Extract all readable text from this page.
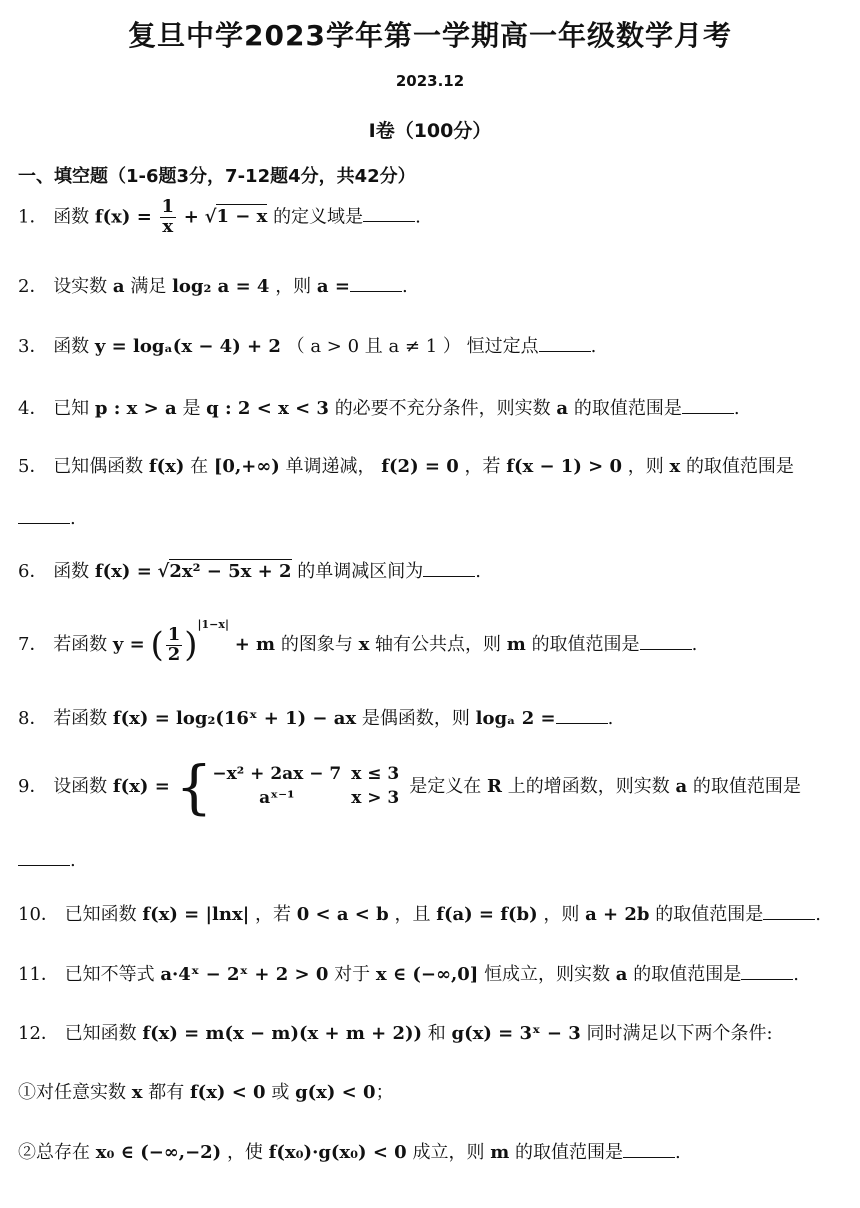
复旦中学2023学年第一学期高一年级数学月考
2023.12
I卷（100分）
一、填空题（1-6题3分，7-12题4分，共42分）
1． 函数 $f(x) = \frac{1}{x} + √1 - x$ 的定义域是	.
2． 设实数 a 满足 log₂ a = 4 ，则 a =	.
3． 函数 y = logₐ(x − 4) + 2 （ a > 0 且 a ≠ 1 ） 恒过定点	.
4． 已知 p : x > a 是 q : 2 < x < 3 的必要不充分条件，则实数 a 的取值范围是	.
5． 已知偶函数 f(x) 在 [0,+∞) 单调递减， f(2) = 0 ，若 f(x − 1) > 0 ，则 x 的取值范围是
.
6． 函数 f(x) = √2x² − 5x + 2 的单调减区间为	.
7． 若函数 y = ( $\frac{1}{2} )^{|1-x|} + m$ 的图象与 x 轴有公共点，则 m 的取值范围是	.
8． 若函数 f(x) = log₂(16ˣ + 1) − ax 是偶函数，则 logₐ 2 =	.
9． 设函数 f(x) = { −x² + 2ax − 7	x ≤ 3
aˣ⁻¹	x > 3
是定义在 R 上的增函数，则实数 a 的取值范围是
.
10． 已知函数 f(x) = |lnx| ，若 0 < a < b ，且 f(a) = f(b) ，则 a + 2b 的取值范围是	.
11． 已知不等式 a·4ˣ − 2ˣ + 2 > 0 对于 x ∈ (−∞,0] 恒成立，则实数 a 的取值范围是	.
12． 已知函数 f(x) = m(x − m)(x + m + 2)) 和 g(x) = 3ˣ − 3 同时满足以下两个条件:
①对任意实数 x 都有 f(x) < 0 或 g(x) < 0；
②总存在 x₀ ∈ (−∞,−2) ，使 f(x₀)·g(x₀) < 0 成立，则 m 的取值范围是	.
